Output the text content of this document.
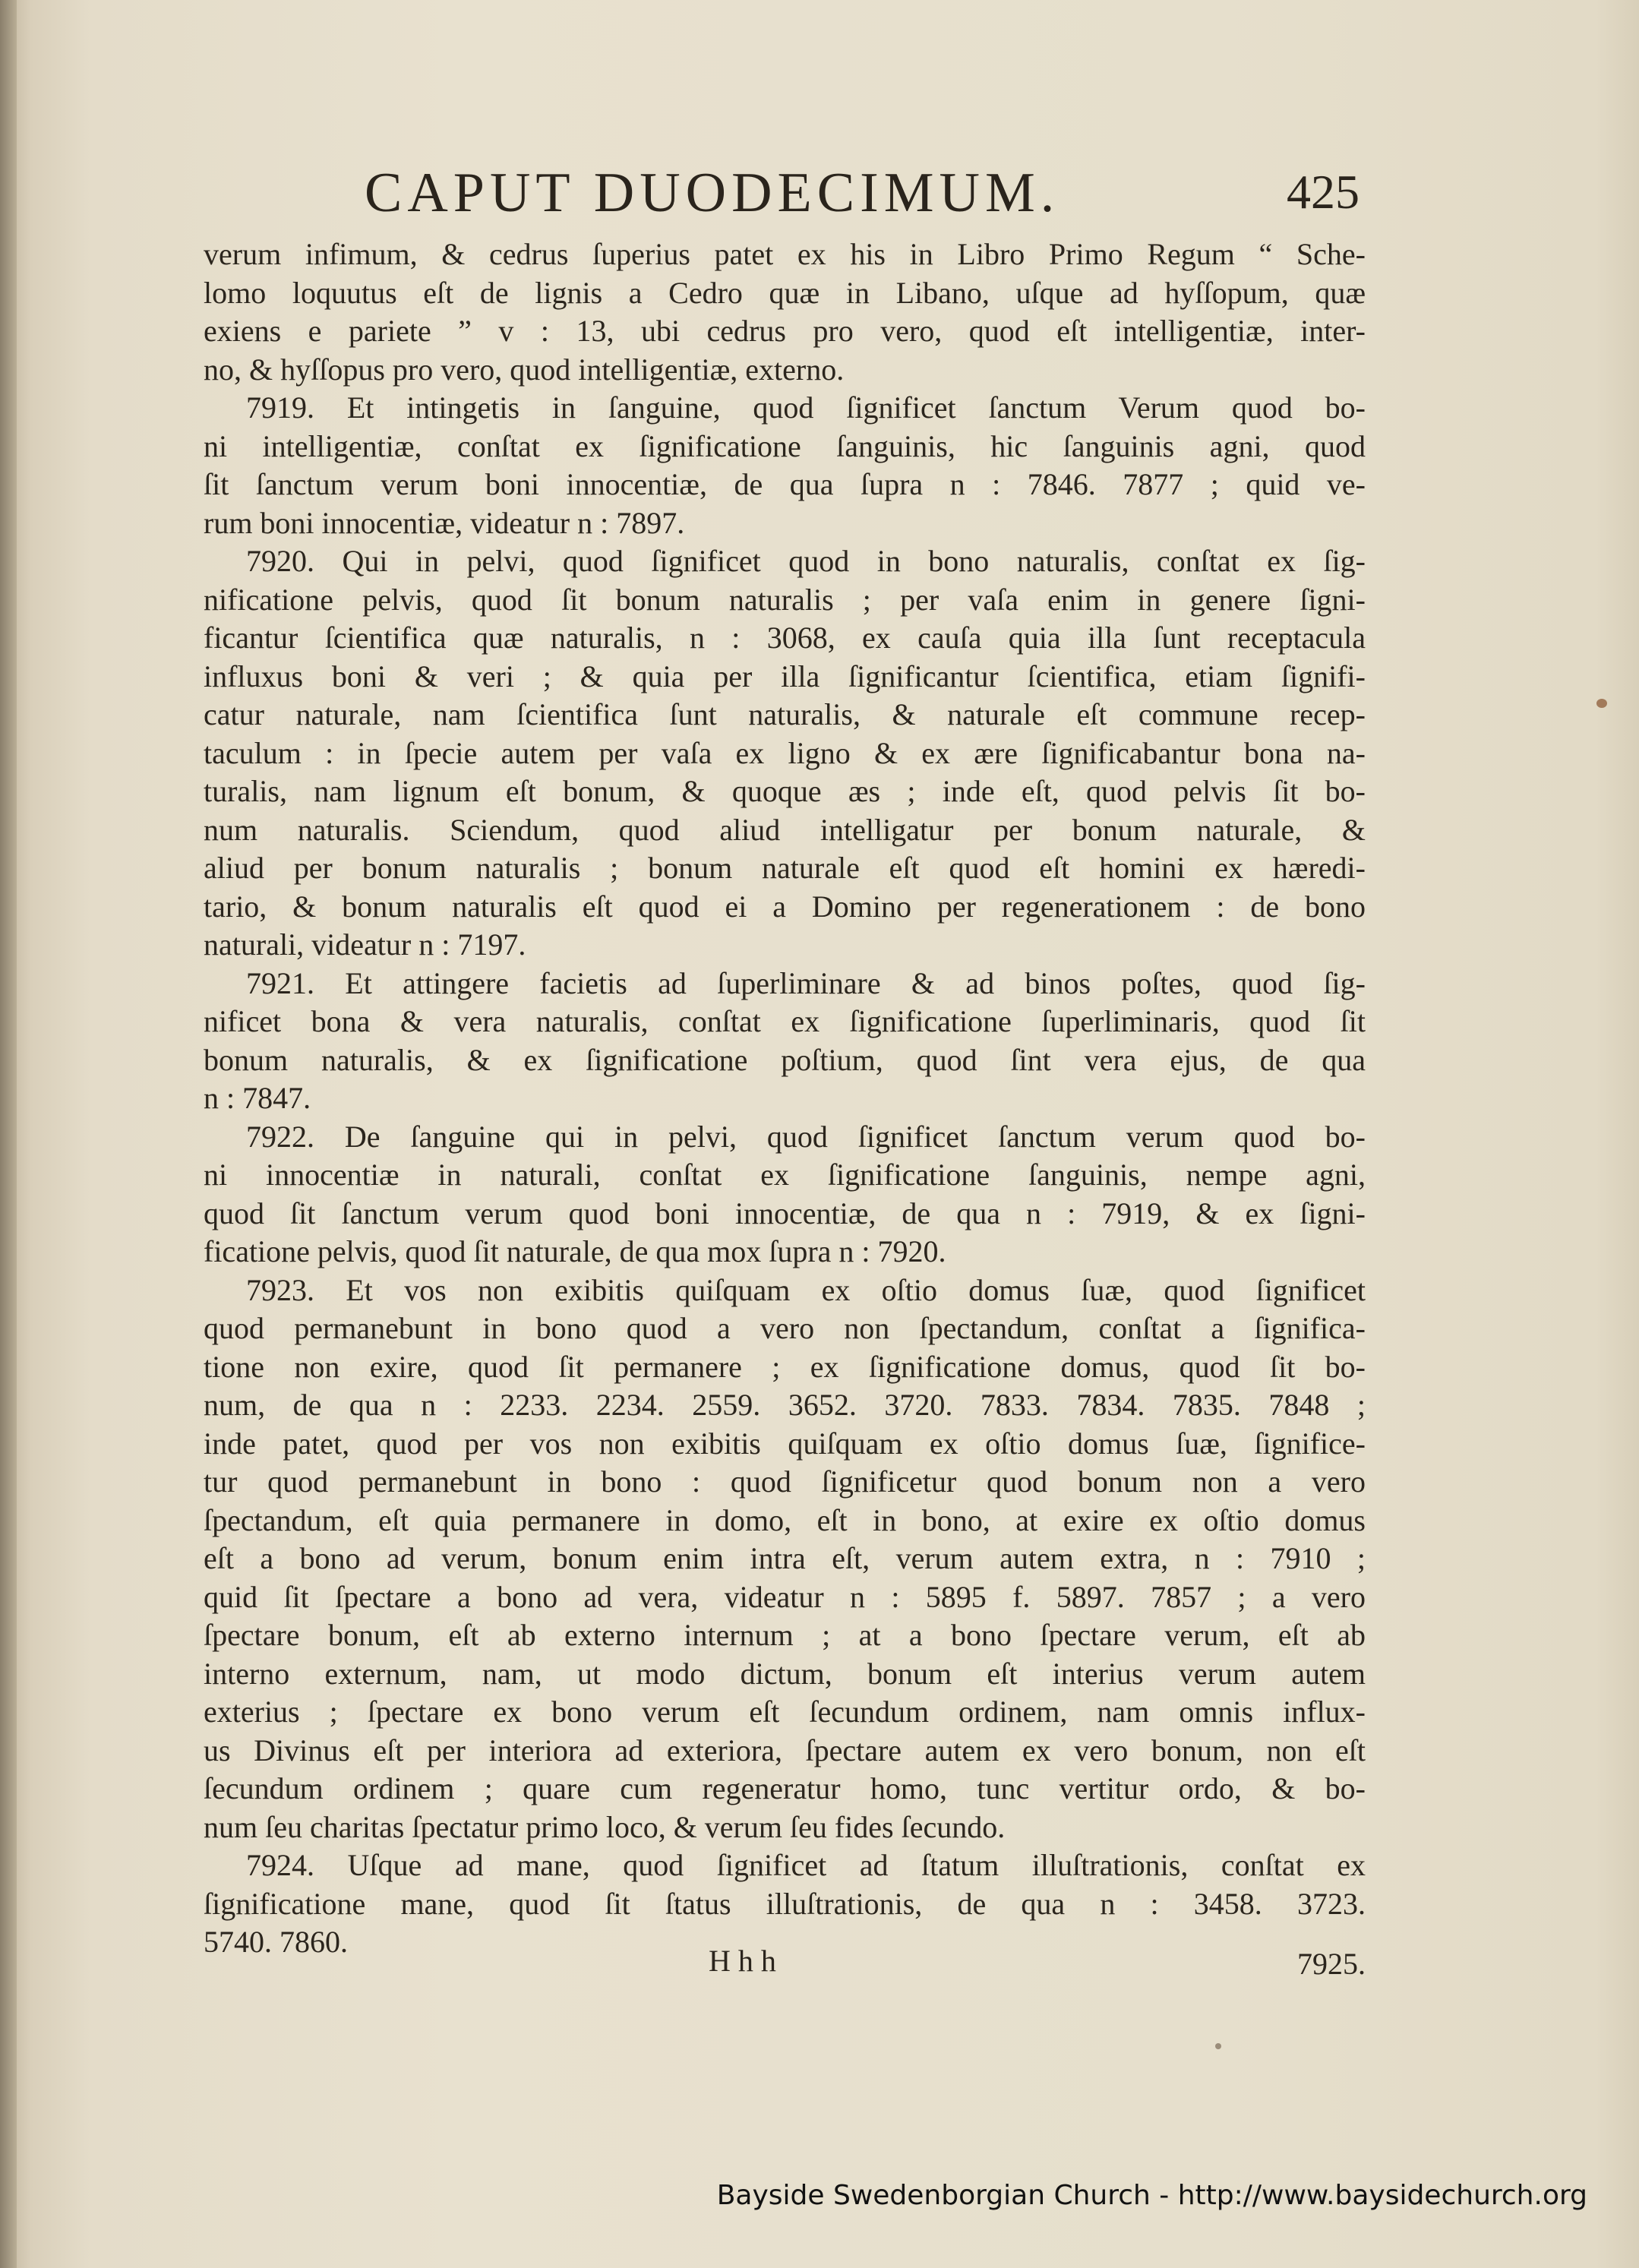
CAPUT DUODECIMUM.	425
verum infimum, & cedrus ſuperius patet ex his in Libro Primo Regum “ Sche-
lomo loquutus eſt de lignis a Cedro quæ in Libano, uſque ad hyſſopum, quæ
exiens e pariete ” v : 13, ubi cedrus pro vero, quod eſt intelligentiæ, inter-
no, & hyſſopus pro vero, quod intelligentiæ, externo.
7919. Et intingetis in ſanguine, quod ſignificet ſanctum Verum quod bo-
ni intelligentiæ, conſtat ex ſignificatione ſanguinis, hic ſanguinis agni, quod
ſit ſanctum verum boni innocentiæ, de qua ſupra n : 7846. 7877 ; quid ve-
rum boni innocentiæ, videatur n : 7897.
7920. Qui in pelvi, quod ſignificet quod in bono naturalis, conſtat ex ſig-
nificatione pelvis, quod ſit bonum naturalis ; per vaſa enim in genere ſigni-
ficantur ſcientifica quæ naturalis, n : 3068, ex cauſa quia illa ſunt receptacula
influxus boni & veri ; & quia per illa ſignificantur ſcientifica, etiam ſignifi-
catur naturale, nam ſcientifica ſunt naturalis, & naturale eſt commune recep-
taculum : in ſpecie autem per vaſa ex ligno & ex ære ſignificabantur bona na-
turalis, nam lignum eſt bonum, & quoque æs ; inde eſt, quod pelvis ſit bo-
num naturalis. Sciendum, quod aliud intelligatur per bonum naturale, &
aliud per bonum naturalis ; bonum naturale eſt quod eſt homini ex hæredi-
tario, & bonum naturalis eſt quod ei a Domino per regenerationem : de bono
naturali, videatur n : 7197.
7921. Et attingere facietis ad ſuperliminare & ad binos poſtes, quod ſig-
nificet bona & vera naturalis, conſtat ex ſignificatione ſuperliminaris, quod ſit
bonum naturalis, & ex ſignificatione poſtium, quod ſint vera ejus, de qua
n : 7847.
7922. De ſanguine qui in pelvi, quod ſignificet ſanctum verum quod bo-
ni innocentiæ in naturali, conſtat ex ſignificatione ſanguinis, nempe agni,
quod ſit ſanctum verum quod boni innocentiæ, de qua n : 7919, & ex ſigni-
ficatione pelvis, quod ſit naturale, de qua mox ſupra n : 7920.
7923. Et vos non exibitis quiſquam ex oſtio domus ſuæ, quod ſignificet
quod permanebunt in bono quod a vero non ſpectandum, conſtat a ſignifica-
tione non exire, quod ſit permanere ; ex ſignificatione domus, quod ſit bo-
num, de qua n : 2233. 2234. 2559. 3652. 3720. 7833. 7834. 7835. 7848 ;
inde patet, quod per vos non exibitis quiſquam ex oſtio domus ſuæ, ſignifice-
tur quod permanebunt in bono : quod ſignificetur quod bonum non a vero
ſpectandum, eſt quia permanere in domo, eſt in bono, at exire ex oſtio domus
eſt a bono ad verum, bonum enim intra eſt, verum autem extra, n : 7910 ;
quid ſit ſpectare a bono ad vera, videatur n : 5895 f. 5897. 7857 ; a vero
ſpectare bonum, eſt ab externo internum ; at a bono ſpectare verum, eſt ab
interno externum, nam, ut modo dictum, bonum eſt interius verum autem
exterius ; ſpectare ex bono verum eſt ſecundum ordinem, nam omnis influx-
us Divinus eſt per interiora ad exteriora, ſpectare autem ex vero bonum, non eſt
ſecundum ordinem ; quare cum regeneratur homo, tunc vertitur ordo, & bo-
num ſeu charitas ſpectatur primo loco, & verum ſeu fides ſecundo.
7924. Uſque ad mane, quod ſignificet ad ſtatum illuſtrationis, conſtat ex
ſignificatione mane, quod ſit ſtatus illuſtrationis, de qua n : 3458. 3723.
5740. 7860.
Hhh	7925.
Bayside Swedenborgian Church - http://www.baysidechurch.org
